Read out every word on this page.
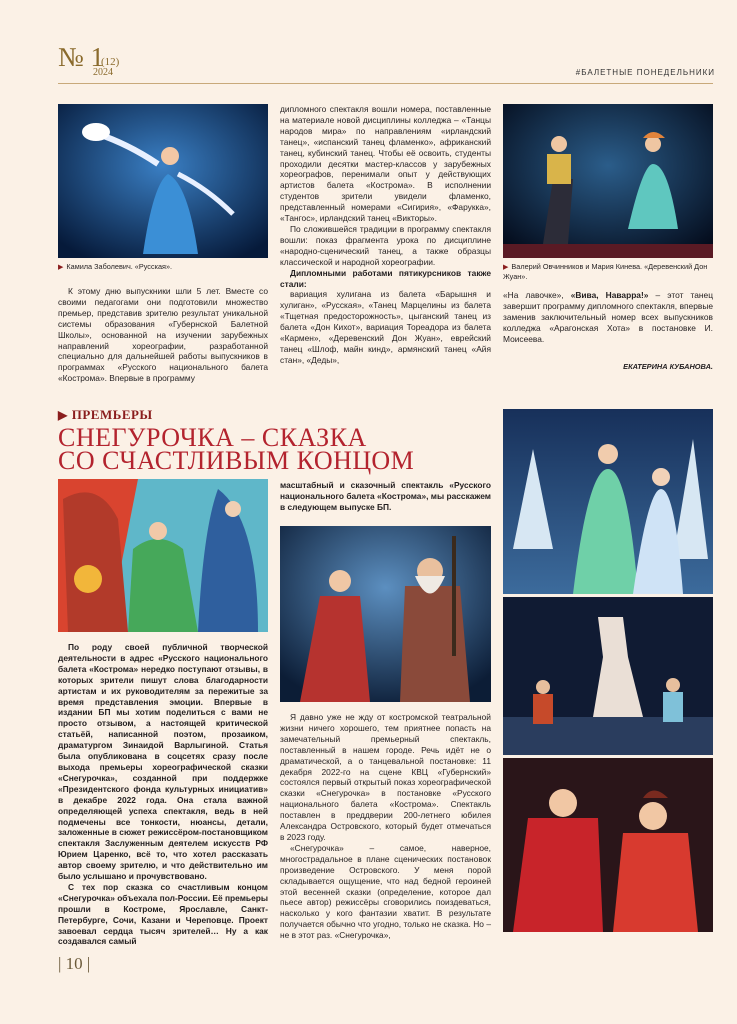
№ 1
(12)
2024	#БАЛЕТНЫЕ ПОНЕДЕЛЬНИКИ
▶ Камила Заболевич. «Русская».	▶ Валерий Овчинников и Мария Кинева. «Деревенский Дон Жуан».

К этому дню выпускники шли 5 лет. Вместе со своими педагогами они подготовили множество премьер, представив зрителю результат уникальной системы образования «Губернской Балетной Школы», основанной на изучении зарубежных направлений хореографии, разработанной специально для дальнейшей работы выпускников в программах «Русского национального балета «Кострома». Впервые в программу

дипломного спектакля вошли номера, поставленные на материале новой дисциплины колледжа – «Танцы народов мира» по направлениям «ирландский танец», «испанский танец фламенко», африканский танец, кубинский танец. Чтобы её освоить, студенты проходили десятки мастер-классов у зарубежных хореографов, перенимали опыт у действующих артистов балета «Кострома». В исполнении студентов зрители увидели фламенко, представленный номерами «Сигирия», «Фарукка», «Тангос», ирландский танец «Викторы».

По сложившейся традиции в программу спектакля вошли: показ фрагмента урока по дисциплине «народно-сценический танец, а также образцы классической и народной хореографии.

Дипломными работами пятикурсников также стали:

вариация хулигана из балета «Барышня и хулиган», «Русская», «Танец Марцелины из балета «Тщетная предосторожность», цыганский танец из балета «Дон Кихот», вариация Тореадора из балета «Кармен», «Деревенский Дон Жуан», еврейский танец «Шлоф, майн кинд», армянский танец «Айя стан», «Деды»,

«На лавочке», «Вива, Наварра!» – этот танец завершит программу дипломного спектакля, впервые заменив заключительный номер всех выпускников колледжа «Арагонская Хота» в постановке И. Моисеева.

ЕКАТЕРИНА КУБАНОВА.
▶ ПРЕМЬЕРЫ
СНЕГУРОЧКА – СКАЗКА
СО СЧАСТЛИВЫМ КОНЦОМ

масштабный и сказочный спектакль «Русского национального балета «Кострома», мы расскажем в следующем выпуске БП.

По роду своей публичной творческой деятельности в адрес «Русского национального балета «Кострома» нередко поступают отзывы, в которых зрители пишут слова благодарности артистам и их руководителям за пережитые за время представления эмоции. Впервые в издании БП мы хотим поделиться с вами не просто отзывом, а настоящей критической статьёй, написанной поэтом, прозаиком, драматургом Зинаидой Варлыгиной. Статья была опубликована в соцсетях сразу после выхода премьеры хореографической сказки «Снегурочка», созданной при поддержке «Президентского фонда культурных инициатив» в декабре 2022 года. Она стала важной определяющей успеха спектакля, ведь в ней подмечены все тонкости, нюансы, детали, заложенные в сюжет режиссёром-постановщиком спектакля Заслуженным деятелем искусств РФ Юрием Царенко, всё то, что хотел рассказать автор своему зрителю, и что действительно им было услышано и прочувствовано.

С тех пор сказка со счастливым концом «Снегурочка» объехала пол-России. Её премьеры прошли в Костроме, Ярославле, Санкт-Петербурге, Сочи, Казани и Череповце. Проект завоевал сердца тысяч зрителей… Ну а как создавался самый

Я давно уже не жду от костромской театральной жизни ничего хорошего, тем приятнее попасть на замечательный премьерный спектакль, поставленный в нашем городе. Речь идёт не о драматической, а о танцевальной постановке: 11 декабря 2022-го на сцене КВЦ «Губернский» состоялся первый открытый показ хореографической сказки «Снегурочка» в постановке «Русского национального балета «Кострома». Спектакль поставлен в преддверии 200-летнего юбилея Александра Островского, который будет отмечаться в 2023 году.

«Снегурочка» – самое, наверное, многострадальное в плане сценических постановок произведение Островского. У меня порой складывается ощущение, что над бедной героиней этой весенней сказки (определение, которое дал пьесе автор) режиссёры сговорились поиздеваться, насколько у кого фантазии хватит. В результате получается обычно что угодно, только не сказка. Но – не в этот раз. «Снегурочка»,

| 10 |
